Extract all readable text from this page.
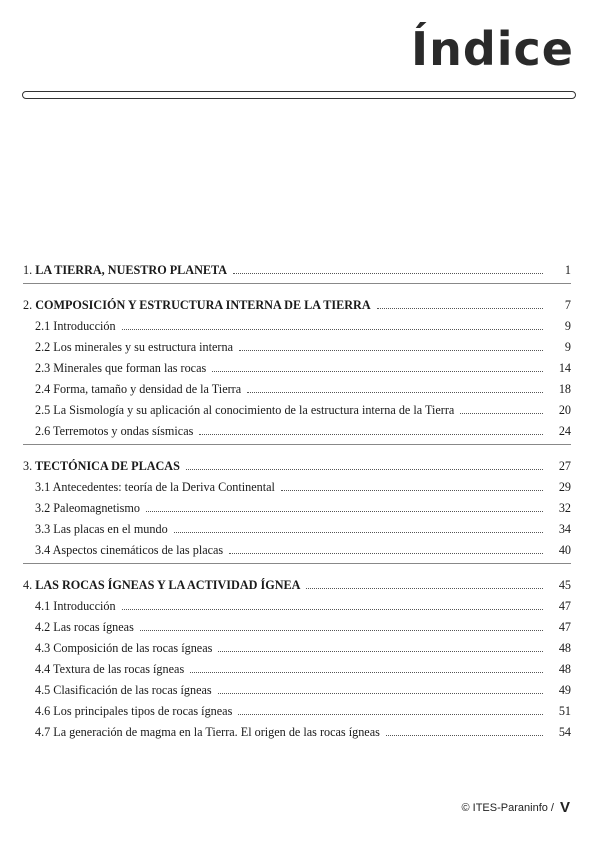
Índice
1. LA TIERRA, NUESTRO PLANETA	1
2. COMPOSICIÓN Y ESTRUCTURA INTERNA DE LA TIERRA	7
2.1 Introducción	9
2.2 Los minerales y su estructura interna	9
2.3 Minerales que forman las rocas	14
2.4 Forma, tamaño y densidad de la Tierra	18
2.5 La Sismología y su aplicación al conocimiento de la estructura interna de la Tierra	20
2.6 Terremotos y ondas sísmicas	24
3. TECTÓNICA DE PLACAS	27
3.1 Antecedentes: teoría de la Deriva Continental	29
3.2 Paleomagnetismo	32
3.3 Las placas en el mundo	34
3.4 Aspectos cinemáticos de las placas	40
4. LAS ROCAS ÍGNEAS Y LA ACTIVIDAD ÍGNEA	45
4.1 Introducción	47
4.2 Las rocas ígneas	47
4.3 Composición de las rocas ígneas	48
4.4 Textura de las rocas ígneas	48
4.5 Clasificación de las rocas ígneas	49
4.6 Los principales tipos de rocas ígneas	51
4.7 La generación de magma en la Tierra. El origen de las rocas ígneas	54
© ITES-Paraninfo / V
